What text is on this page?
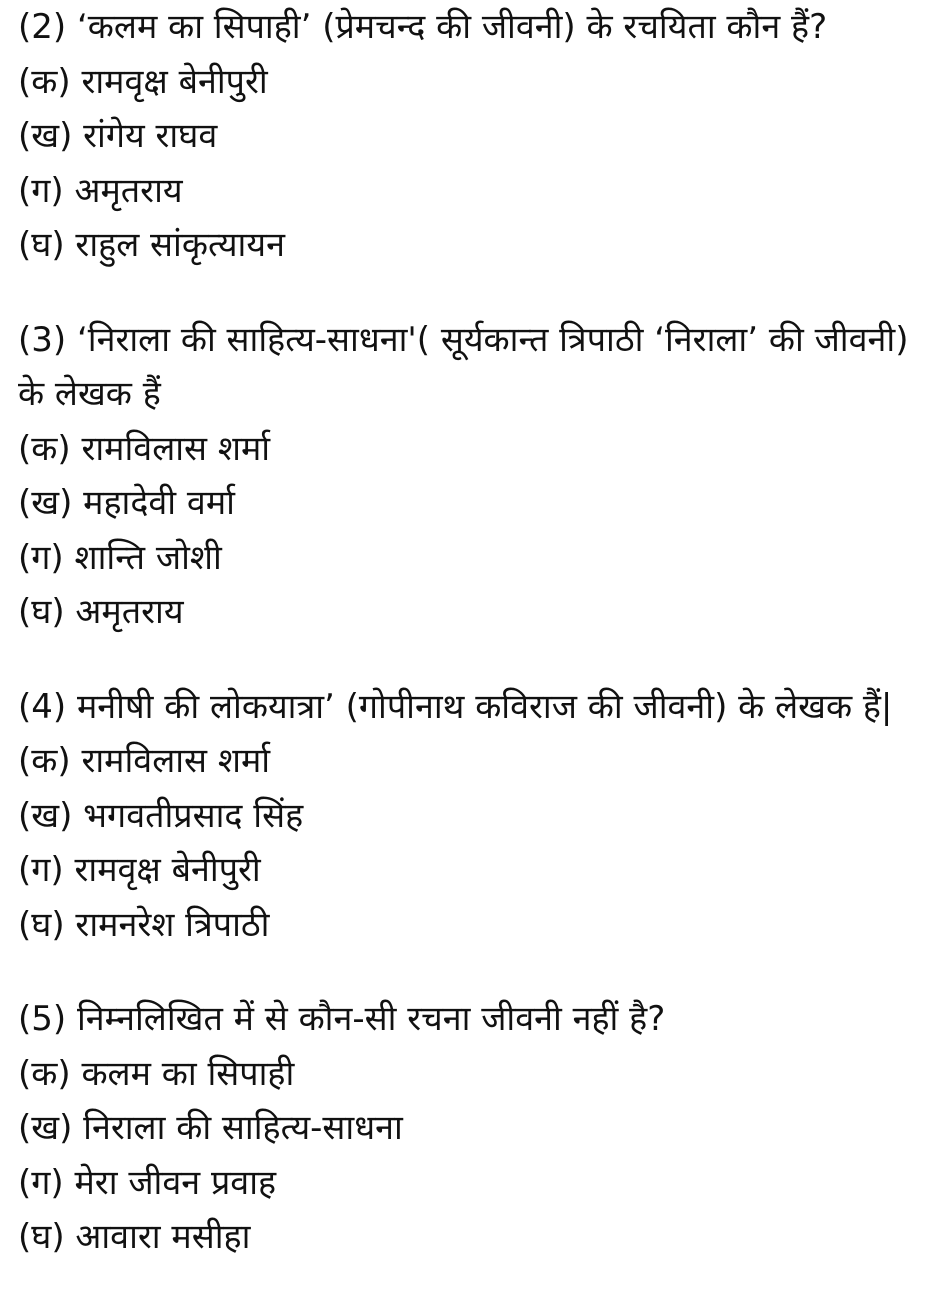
(2) ‘कलम का सिपाही’ (प्रेमचन्द की जीवनी) के रचयिता कौन हैं?
(क) रामवृक्ष बेनीपुरी
(ख) रांगेय राघव
(ग) अमृतराय
(घ) राहुल सांकृत्यायन
(3) ‘निराला की साहित्य-साधना'( सूर्यकान्त त्रिपाठी ‘निराला’ की जीवनी) के लेखक हैं
(क) रामविलास शर्मा
(ख) महादेवी वर्मा
(ग) शान्ति जोशी
(घ) अमृतराय
(4) मनीषी की लोकयात्रा’ (गोपीनाथ कविराज की जीवनी) के लेखक हैं|
(क) रामविलास शर्मा
(ख) भगवतीप्रसाद सिंह
(ग) रामवृक्ष बेनीपुरी
(घ) रामनरेश त्रिपाठी
(5) निम्नलिखित में से कौन-सी रचना जीवनी नहीं है?
(क) कलम का सिपाही
(ख) निराला की साहित्य-साधना
(ग) मेरा जीवन प्रवाह
(घ) आवारा मसीहा
